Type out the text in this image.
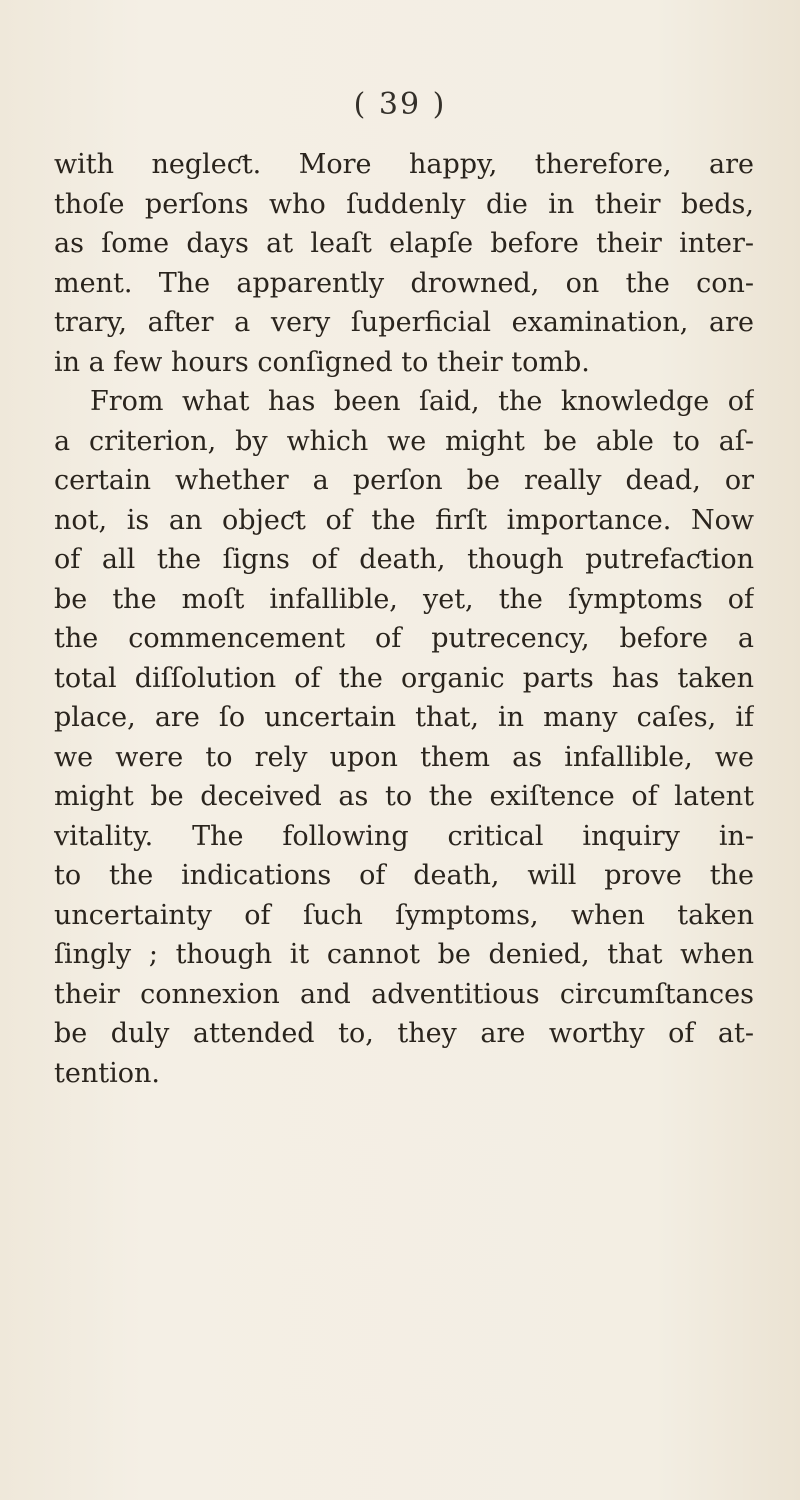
( 39 )
with negleƈt. More happy, therefore, are
thoſe perſons who ſuddenly die in their beds,
as ſome days at leaſt elapſe before their inter-
ment. The apparently drowned, on the con-
trary, after a very ſuperficial examination, are
in a few hours conſigned to their tomb.
From what has been ſaid, the knowledge of
a criterion, by which we might be able to aſ-
certain whether a perſon be really dead, or
not, is an objeƈt of the firſt importance. Now
of all the ſigns of death, though putrefaƈtion
be the moſt infallible, yet, the ſymptoms of
the commencement of putrecency, before a
total diſſolution of the organic parts has taken
place, are ſo uncertain that, in many caſes, if
we were to rely upon them as infallible, we
might be deceived as to the exiſtence of latent
vitality. The following critical inquiry in-
to the indications of death, will prove the
uncertainty of ſuch ſymptoms, when taken
ſingly ; though it cannot be denied, that when
their connexion and adventitious circumſtances
be duly attended to, they are worthy of at-
tention.
